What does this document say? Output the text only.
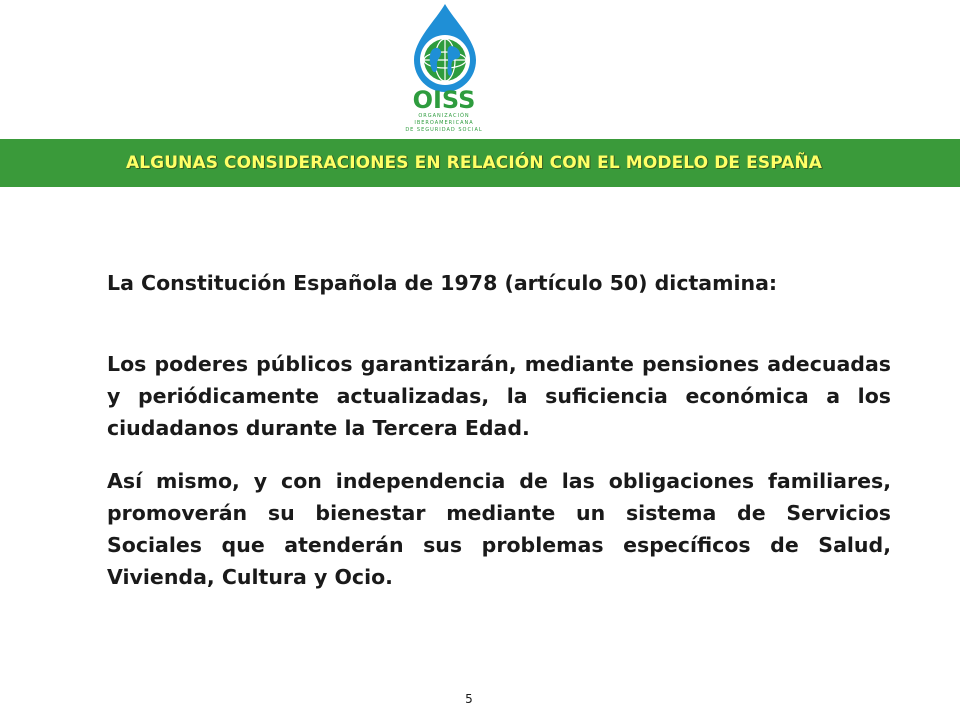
OISS
ORGANIZACIÓN
IBEROAMERICANA
DE SEGURIDAD SOCIAL
ALGUNAS CONSIDERACIONES EN RELACIÓN CON EL MODELO DE ESPAÑA
La Constitución Española de 1978 (artículo 50) dictamina:
Los poderes públicos garantizarán, mediante pensiones adecuadas y periódicamente actualizadas, la suficiencia económica a los ciudadanos durante la Tercera Edad.
Así mismo, y con independencia de las obligaciones familiares, promoverán su bienestar mediante un sistema de Servicios Sociales que atenderán sus problemas específicos de Salud, Vivienda, Cultura y Ocio.
5
